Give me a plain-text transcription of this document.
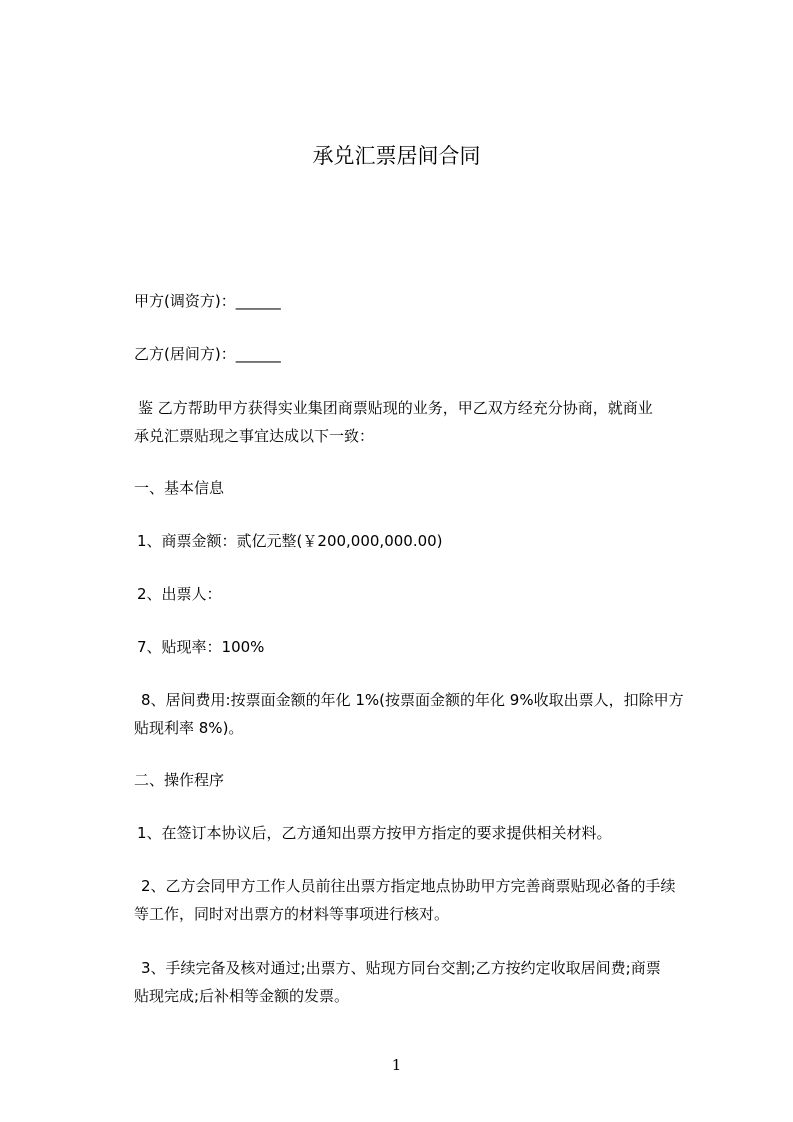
承兑汇票居间合同

甲方(调资方)：______

乙方(居间方)：______

鉴 乙方帮助甲方获得实业集团商票贴现的业务，甲乙双方经充分协商，就商业
承兑汇票贴现之事宜达成以下一致：

一、基本信息

1、商票金额：贰亿元整(￥200,000,000.00)

2、出票人：

7、贴现率：100%

8、居间费用:按票面金额的年化 1%(按票面金额的年化 9%收取出票人，扣除甲方
贴现利率 8%)。

二、操作程序

1、在签订本协议后，乙方通知出票方按甲方指定的要求提供相关材料。

2、乙方会同甲方工作人员前往出票方指定地点协助甲方完善商票贴现必备的手续
等工作，同时对出票方的材料等事项进行核对。
3、手续完备及核对通过;出票方、贴现方同台交割;乙方按约定收取居间费;商票
贴现完成;后补相等金额的发票。
1
